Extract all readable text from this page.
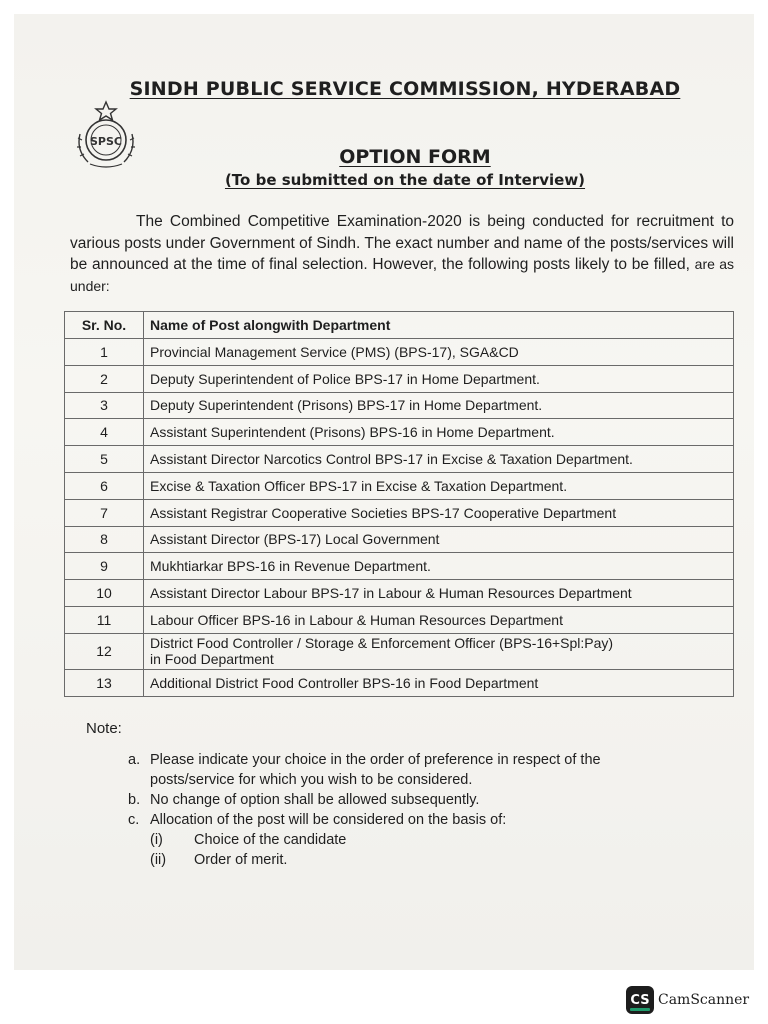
SINDH PUBLIC SERVICE COMMISSION, HYDERABAD
SPSC
OPTION FORM
(To be submitted on the date of Interview)
The Combined Competitive Examination-2020 is being conducted for recruitment to various posts under Government of Sindh. The exact number and name of the posts/services will be announced at the time of final selection. However, the following posts likely to be filled, are as under:
Sr. No.	Name of Post alongwith Department
1	Provincial Management Service (PMS) (BPS-17), SGA&CD
2	Deputy Superintendent of Police BPS-17 in Home Department.
3	Deputy Superintendent (Prisons) BPS-17 in Home Department.
4	Assistant Superintendent (Prisons) BPS-16 in Home Department.
5	Assistant Director Narcotics Control BPS-17 in Excise & Taxation Department.
6	Excise & Taxation Officer BPS-17 in Excise & Taxation Department.
7	Assistant Registrar Cooperative Societies BPS-17 Cooperative Department
8	Assistant Director (BPS-17) Local Government
9	Mukhtiarkar BPS-16 in Revenue Department.
10	Assistant Director Labour BPS-17 in Labour & Human Resources Department
11	Labour Officer BPS-16 in Labour & Human Resources Department
12	District Food Controller / Storage & Enforcement Officer (BPS-16+Spl:Pay)
in Food Department

13	Additional District Food Controller BPS-16 in Food Department
Note:
a. Please indicate your choice in the order of preference in respect of the
posts/service for which you wish to be considered.
b. No change of option shall be allowed subsequently.
c. Allocation of the post will be considered on the basis of:
(i)	Choice of the candidate
(ii)	Order of merit.
CS CamScanner
